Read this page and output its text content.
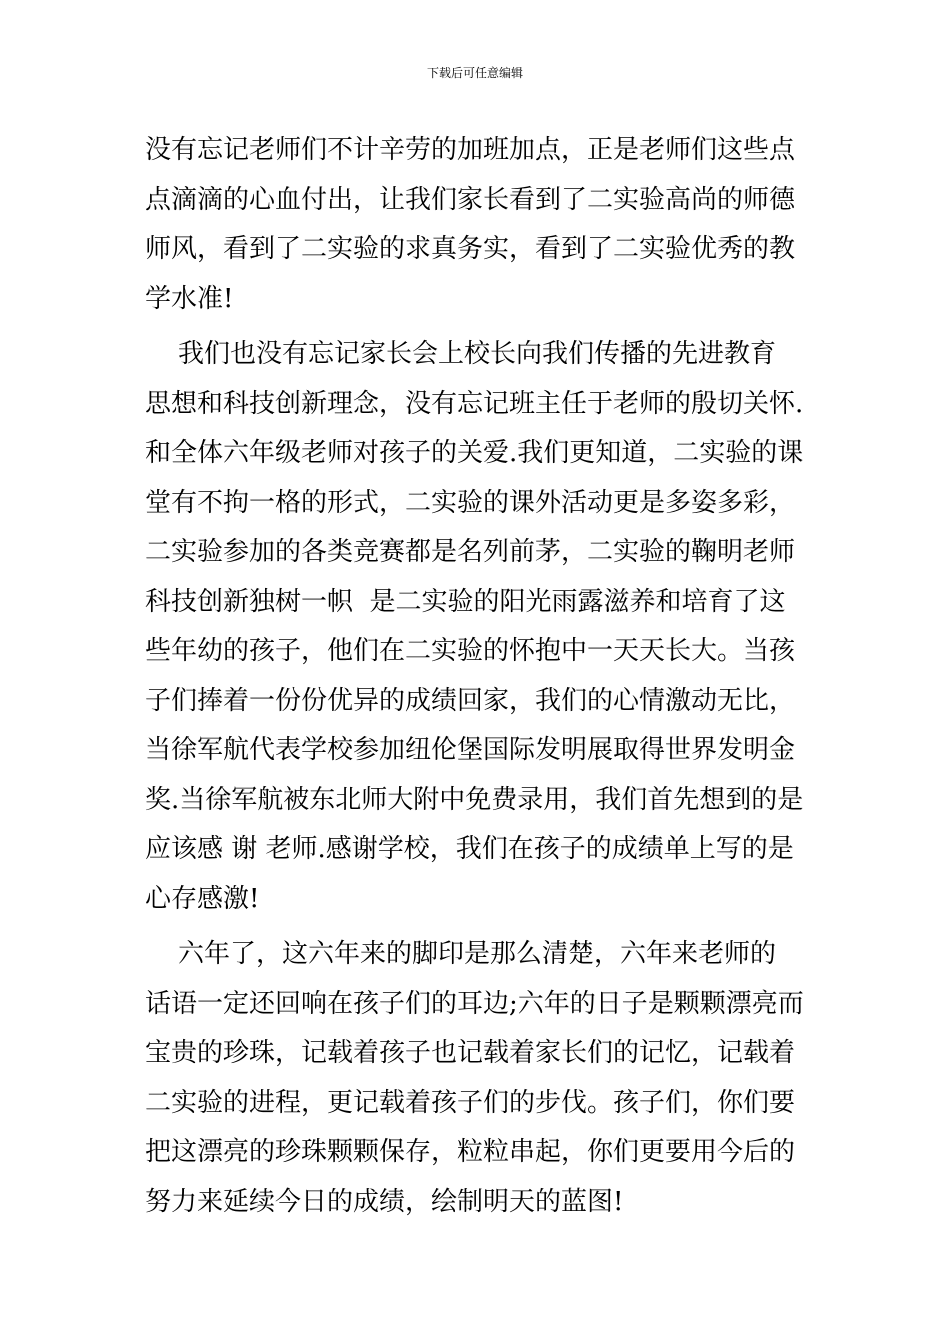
下载后可任意编辑
没有忘记老师们不计辛劳的加班加点，正是老师们这些点
点滴滴的心血付出，让我们家长看到了二实验高尚的师德
师风，看到了二实验的求真务实，看到了二实验优秀的教
学水准!
我们也没有忘记家长会上校长向我们传播的先进教育
思想和科技创新理念，没有忘记班主任于老师的殷切关怀.
和全体六年级老师对孩子的关爱.我们更知道，二实验的课
堂有不拘一格的形式，二实验的课外活动更是多姿多彩，
二实验参加的各类竞赛都是名列前茅，二实验的鞠明老师
科技创新独树一帜  是二实验的阳光雨露滋养和培育了这
些年幼的孩子，他们在二实验的怀抱中一天天长大。当孩
子们捧着一份份优异的成绩回家，我们的心情激动无比，
当徐军航代表学校参加纽伦堡国际发明展取得世界发明金
奖.当徐军航被东北师大附中免费录用，我们首先想到的是
应该感 谢 老师.感谢学校，我们在孩子的成绩单上写的是
心存感激!
六年了，这六年来的脚印是那么清楚，六年来老师的
话语一定还回响在孩子们的耳边;六年的日子是颗颗漂亮而
宝贵的珍珠，记载着孩子也记载着家长们的记忆，记载着
二实验的进程，更记载着孩子们的步伐。孩子们，你们要
把这漂亮的珍珠颗颗保存，粒粒串起，你们更要用今后的
努力来延续今日的成绩，绘制明天的蓝图!
